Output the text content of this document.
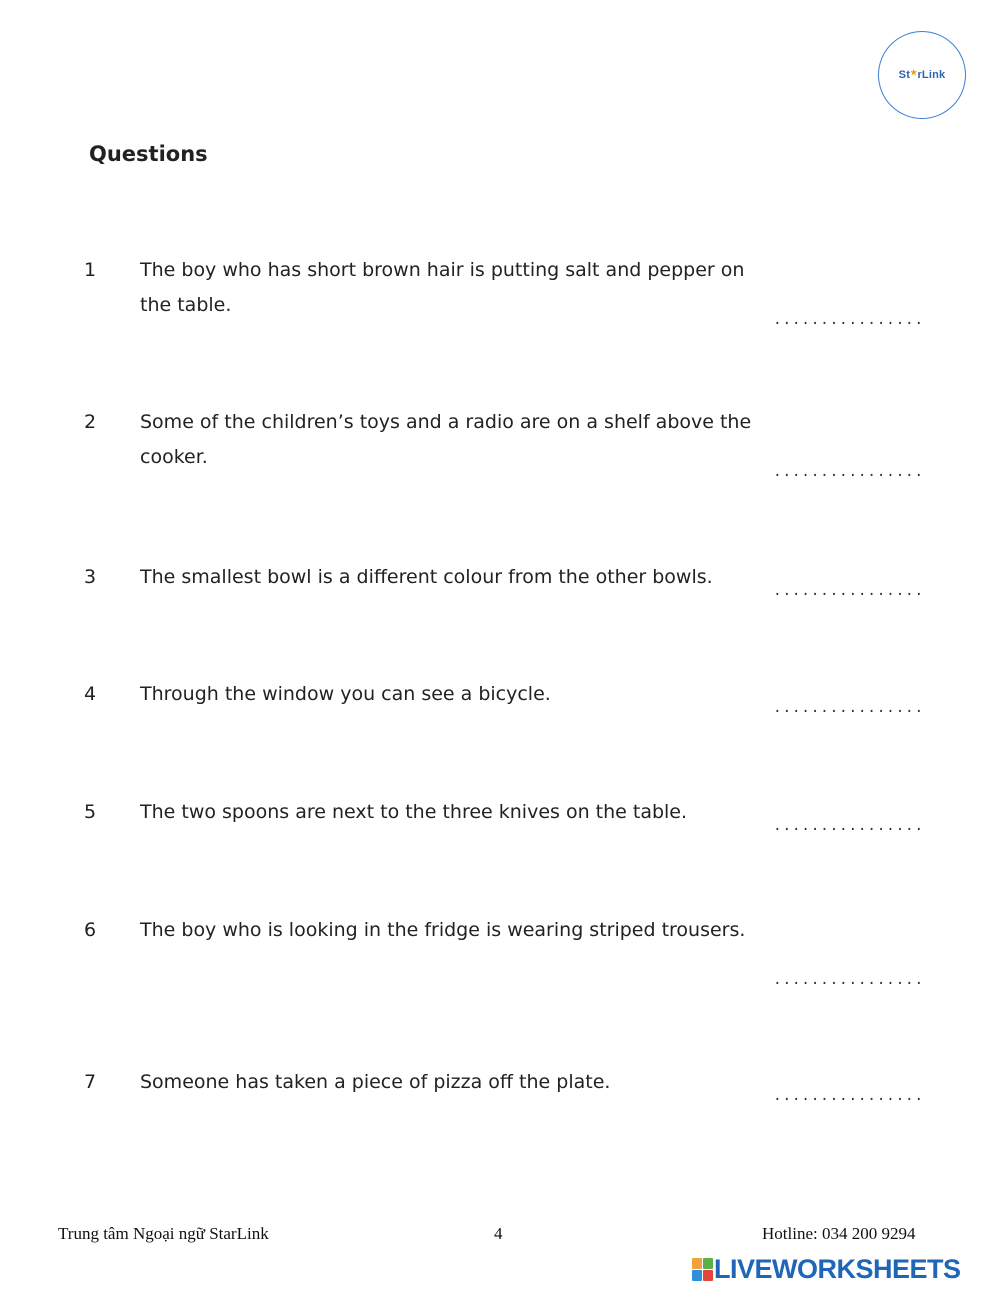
St★rLink
Questions
1	The boy who has short brown hair is putting salt and pepper on the table.
................
2	Some of the children’s toys and a radio are on a shelf above the cooker.
................
3	The smallest bowl is a different colour from the other bowls.
................
4	Through the window you can see a bicycle.
................
5	The two spoons are next to the three knives on the table.
................
6	The boy who is looking in the fridge is wearing striped trousers.
................
7	Someone has taken a piece of pizza off the plate.
................
Trung tâm Ngoại ngữ StarLink	4	Hotline: 034 200 9294
LIVEWORKSHEETS
